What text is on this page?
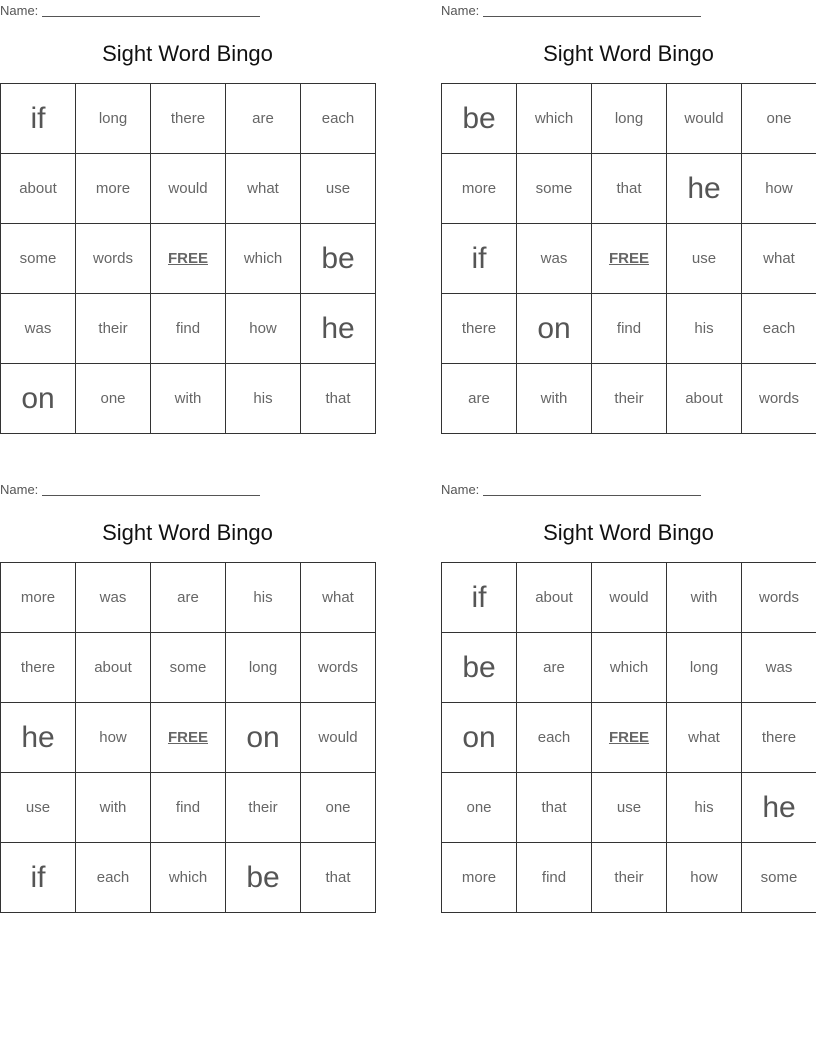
Name:
Sight Word Bingo
if	long	there	are	each
about	more	would	what	use
some	words	FREE	which	be
was	their	find	how	he
on	one	with	his	that
Name:
Sight Word Bingo
be	which	long	would	one
more	some	that	he	how
if	was	FREE	use	what
there	on	find	his	each
are	with	their	about	words
Name:
Sight Word Bingo
more	was	are	his	what
there	about	some	long	words
he	how	FREE	on	would
use	with	find	their	one
if	each	which	be	that
Name:
Sight Word Bingo
if	about	would	with	words
be	are	which	long	was
on	each	FREE	what	there
one	that	use	his	he
more	find	their	how	some
